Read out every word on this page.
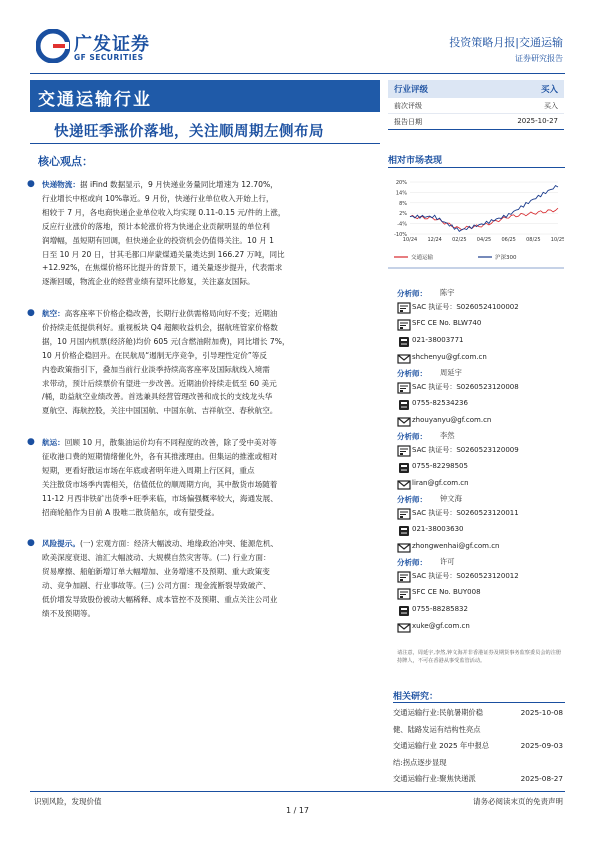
广发证券
GF SECURITIES
投资策略月报|交通运输
证券研究报告
交通运输行业
快递旺季涨价落地，关注顺周期左侧布局
行业评级	买入
前次评级	买入
报告日期	2025-10-27
核心观点：
● 快递物流：据 iFind 数据显示，9 月快递业务量同比增速为 12.70%，
行业增长中枢或向 10%靠近。9 月份，快递行业单位收入开始上行，
相较于 7 月，各电商快递企业单位收入均实现 0.11-0.15 元/件的上涨，
反应行业涨价的落地，预计本轮涨价将为快递企业贡献明显的单位利
润增幅，虽短期有回调，但快递企业的投资机会仍值得关注。10 月 1
日至 10 月 20 日，甘其毛都口岸蒙煤通关量类达到 166.27 万吨，同比
+12.92%，在焦煤价格环比提升的背景下，通关量逐步提升，代表需求
逐渐回暖，物流企业的经营业绩有望环比修复，关注嘉友国际。
● 航空：高客座率下价格企稳改善，长期行业供需格局向好不变；近期油
价持续走低提供利好。重视板块 Q4 超额收益机会，据航班管家价格数
据，10 月国内机票(经济舱)均价 605 元(含燃油附加费)，同比增长 7%，
10 月价格企稳回升。在民航局“遏制无序竞争，引导理性定价”等反
内卷政策指引下，叠加当前行业淡季持续高客座率及国际航线入境需
求带动，预计后续票价有望进一步改善。近期油价持续走低至 60 美元
/桶，助益航空业绩改善。首选兼具经营管理改善和成长的支线龙头华
夏航空、海航控股，关注中国国航、中国东航、吉祥航空、春秋航空。
● 航运：回顾 10 月，散集油运价均有不同程度的改善，除了受中美对等
征收港口费的短期情绪催化外，各有其推涨理由。但集运的推涨或相对
短期，更看好散运市场在年底或者明年进入周期上行区间，重点
关注散货市场季内需相关，估值低位的顺周期方向，其中散货市场随着
11-12 月西非铁矿出货季+旺季来临，市场偏强概率较大，海通发展、
招商轮船作为目前 A 股唯二散货船东，或有望受益。
● 风险提示。(一) 宏观方面：经济大幅波动、地缘政治冲突、能源危机、
欧美深度衰退、油汇大幅波动、大规模自然灾害等。(二) 行业方面：
贸易摩擦、船舶新增订单大幅增加、业务增速不及预期、重大政策变
动、竞争加剧、行业事故等。(三) 公司方面：现金流断裂导致破产、
低价增发导致股份被动大幅稀释、成本管控不及预期、重点关注公司业
绩不及预期等。
相对市场表现
20%
14%
8%
2%
-4%
-10%
10/24 12/24 02/25 04/25 06/25 08/25 10/25
交通运输	沪深300
分析师： 陈宇
SAC 执证号：S0260524100002
SFC CE No. BLW740
021-38003771
shchenyu@gf.com.cn
分析师： 周延宇
SAC 执证号：S0260523120008
0755-82534236
zhouyanyu@gf.com.cn
分析师： 李然
SAC 执证号：S0260523120009
0755-82298505
liran@gf.com.cn
分析师： 钟文海
SAC 执证号：S0260523120011
021-38003630
zhongwenhai@gf.com.cn
分析师： 许可
SAC 执证号：S0260523120012
SFC CE No. BUY008
0755-88285832
xuke@gf.com.cn
请注意，周延宇,李然,钟文海并非香港证券及期货事务监察委员会的注册持牌人，不可在香港从事受监管活动。
相关研究：
交通运输行业:民航暑期价稳	2025-10-08
健、陆路发运有结构性亮点
交通运输行业 2025 年中报总	2025-09-03
结:拐点逐步显现
交通运输行业:聚焦快递派	2025-08-27
识别风险，发现价值	请务必阅读末页的免责声明
1 / 17
